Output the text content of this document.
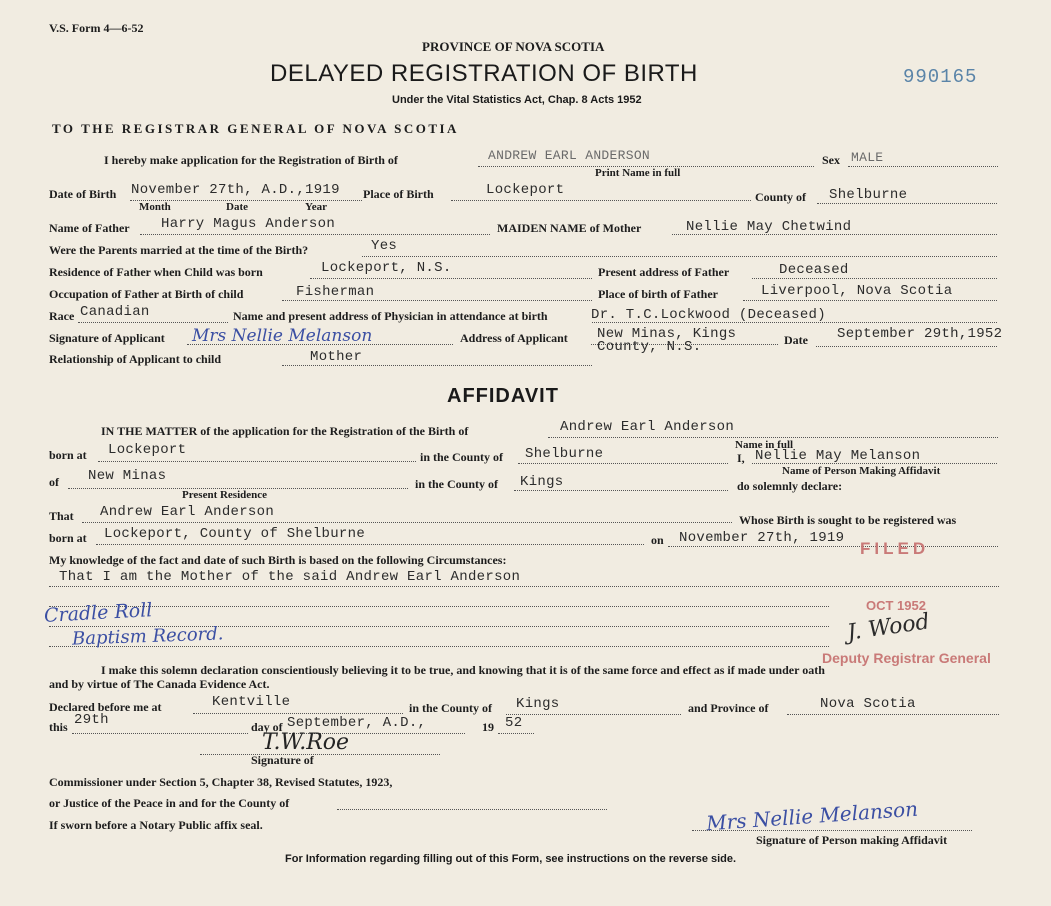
V.S. Form 4—6-52
PROVINCE OF NOVA SCOTIA
DELAYED REGISTRATION OF BIRTH
Under the Vital Statistics Act, Chap. 8 Acts 1952
990165
TO THE REGISTRAR GENERAL OF NOVA SCOTIA
I hereby make application for the Registration of Birth of	ANDREW EARL ANDERSON
Print Name in full
Sex MALE
Date of Birth November 27th, A.D.,1919
Month	Date	Year
Place of Birth	Lockeport	County of Shelburne
Name of Father Harry Magus Anderson	MAIDEN NAME of Mother	Nellie May Chetwind
Were the Parents married at the time of the Birth?	Yes
Residence of Father when Child was born	Lockeport, N.S.	Present address of Father	Deceased
Occupation of Father at Birth of child	Fisherman	Place of birth of Father	Liverpool, Nova Scotia
Race Canadian	Name and present address of Physician in attendance at birth	Dr. T.C.Lockwood (Deceased)
Signature of Applicant Mrs Nellie Melanson	Address of Applicant New Minas, Kings
County, N.S.	Date September 29th,1952
Relationship of Applicant to child	Mother
AFFIDAVIT
IN THE MATTER of the application for the Registration of the Birth of	Andrew Earl Anderson
Name in full
born at Lockeport	in the County of Shelburne	I, Nellie May Melanson
Name of Person Making Affidavit
of New Minas
Present Residence
in the County of Kings	do solemnly declare:
That Andrew Earl Anderson	Whose Birth is sought to be registered was
born at Lockeport, County of Shelburne	on November 27th, 1919
FILED
My knowledge of the fact and date of such Birth is based on the following Circumstances:
That I am the Mother of the said Andrew Earl Anderson
Cradle Roll
Baptism Record.
OCT 1952
J. Wood
Deputy Registrar General
I make this solemn declaration conscientiously believing it to be true, and knowing that it is of the same force and effect as if made under oath
and by virtue of The Canada Evidence Act.
Declared before me at	Kentville	in the County of Kings	and Province of	Nova Scotia
this 29th	day of September, A.D.,	19 52
T.W.Roe
Signature of
Commissioner under Section 5, Chapter 38, Revised Statutes, 1923,
or Justice of the Peace in and for the County of
If sworn before a Notary Public affix seal.	Mrs Nellie Melanson
Signature of Person making Affidavit
For Information regarding filling out of this Form, see instructions on the reverse side.
